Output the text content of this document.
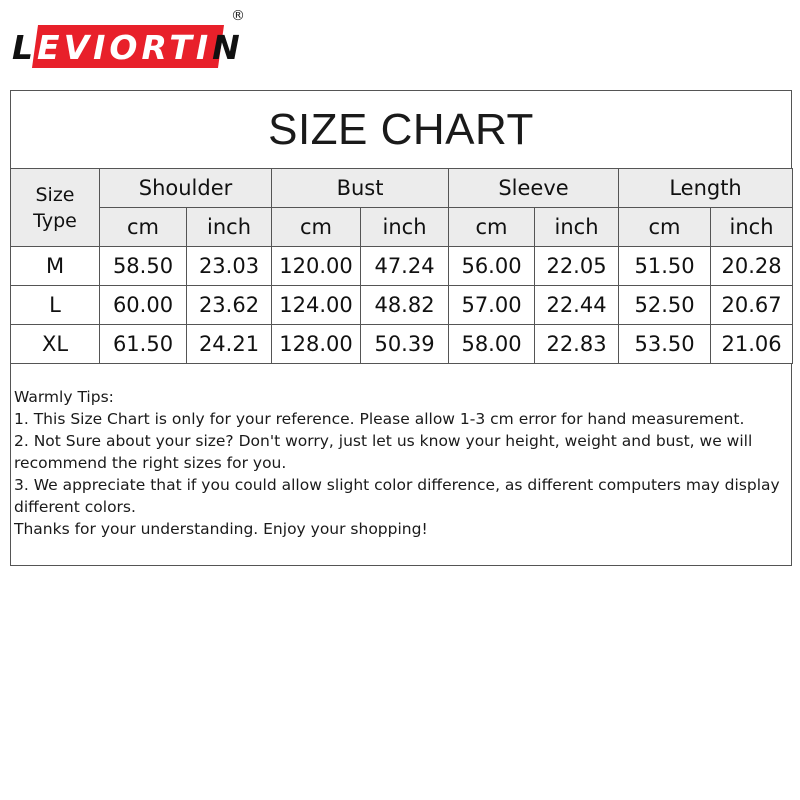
LEVIORTIN
®
SIZE CHART
Size
Type	Shoulder		Bust		Sleeve		Length	
	cm	inch	cm	inch	cm	inch	cm	inch
M	58.50	23.03	120.00	47.24	56.00	22.05	51.50	20.28
L	60.00	23.62	124.00	48.82	57.00	22.44	52.50	20.67
XL	61.50	24.21	128.00	50.39	58.00	22.83	53.50	21.06

Warmly Tips:

1. This Size Chart is only for your reference. Please allow 1-3 cm error for hand measurement.

2. Not Sure about your size? Don't worry, just let us know your height, weight and bust, we will recommend the right sizes for you.

3. We appreciate that if you could allow slight color difference, as different computers may display different colors.

Thanks for your understanding. Enjoy your shopping!
